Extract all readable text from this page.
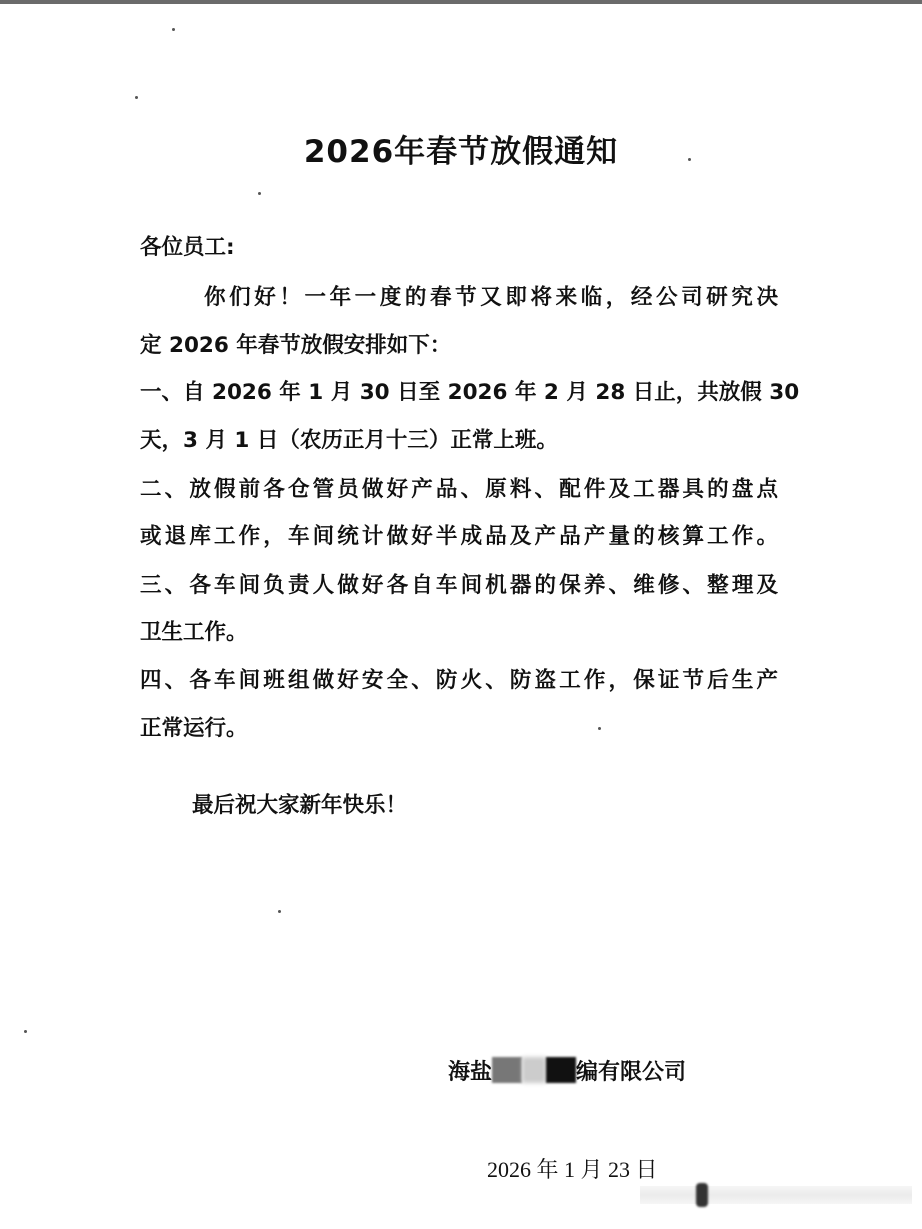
2026年春节放假通知
各位员工:
你们好！一年一度的春节又即将来临，经公司研究决
定 2026 年春节放假安排如下：
一、自 2026 年 1 月 30 日至 2026 年 2 月 28 日止，共放假 30
天，3 月 1 日（农历正月十三）正常上班。
二、放假前各仓管员做好产品、原料、配件及工器具的盘点
或退库工作，车间统计做好半成品及产品产量的核算工作。
三、各车间负责人做好各自车间机器的保养、维修、整理及
卫生工作。
四、各车间班组做好安全、防火、防盗工作，保证节后生产
正常运行。
最后祝大家新年快乐！
海盐	编有限公司
2026 年 1 月 23 日
